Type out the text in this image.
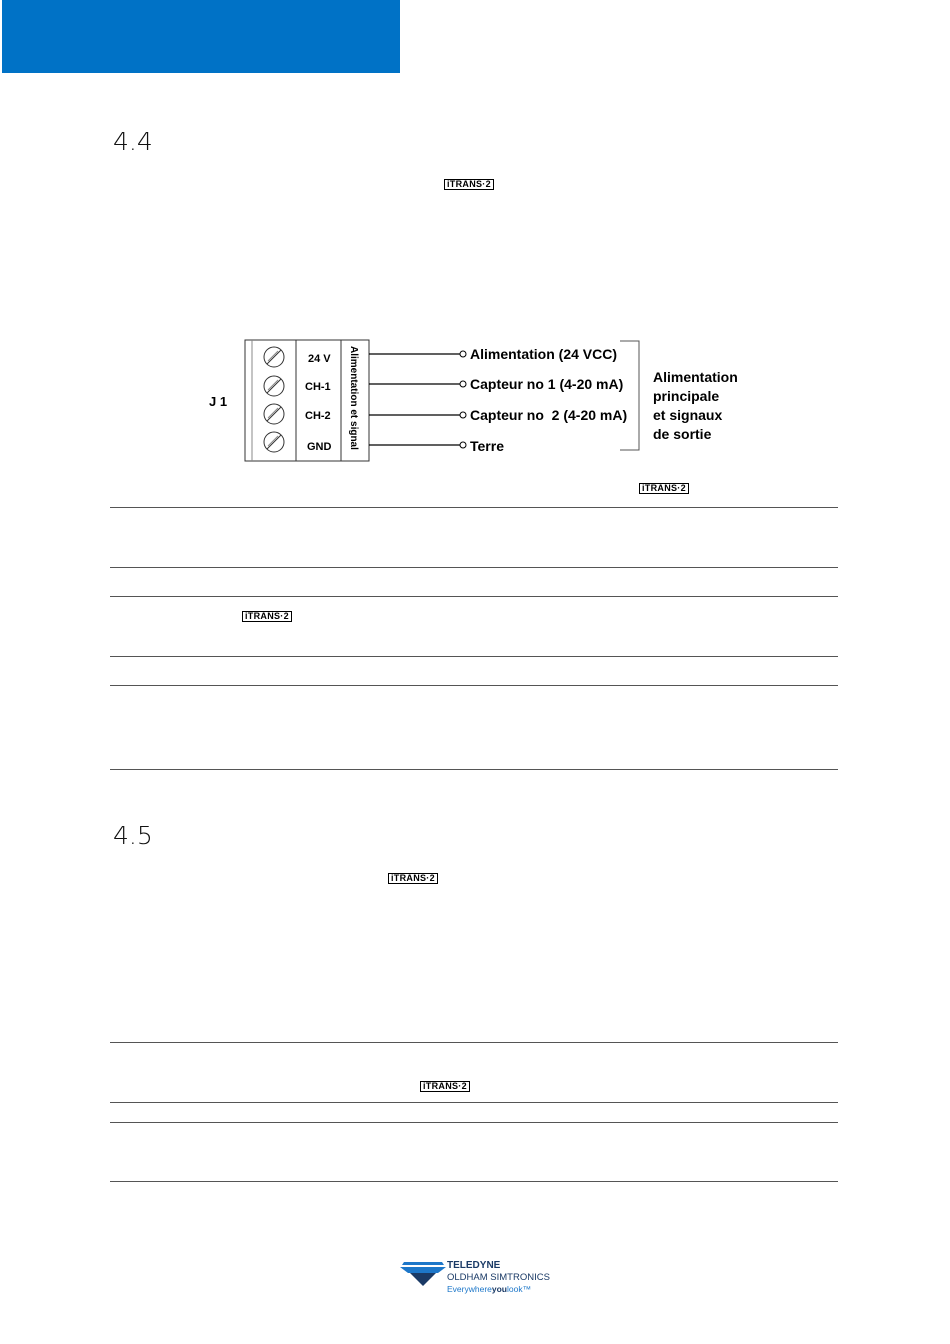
4.4
iTRANS·2
24 V
CH-1
CH-2
GND Alimentation et signal
J 1
Alimentation (24 VCC)
Capteur no 1 (4-20 mA)
Capteur no  2 (4-20 mA)
Terre
Alimentation
principale
et signaux
de sortie
iTRANS·2
iTRANS·2
4.5
iTRANS·2
iTRANS·2
TELEDYNE
OLDHAM SIMTRONICS
Everywhereyoulook™
